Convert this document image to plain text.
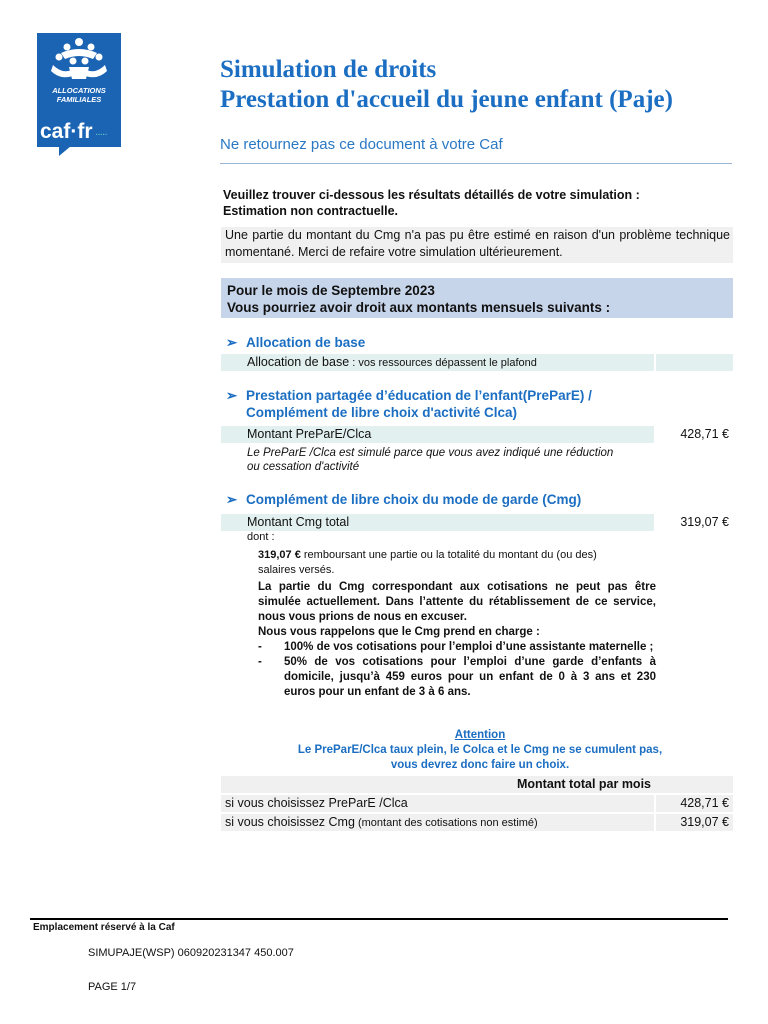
ALLOCATIONS
FAMILIALES
caf·fr ·····
Simulation de droits
Prestation d'accueil du jeune enfant (Paje)
Ne retournez pas ce document à votre Caf
Veuillez trouver ci-dessous les résultats détaillés de votre simulation :
Estimation non contractuelle.
Une partie du montant du Cmg n'a pas pu être estimé en raison d'un problème technique momentané. Merci de refaire votre simulation ultérieurement.
Pour le mois de Septembre 2023
Vous pourriez avoir droit aux montants mensuels suivants :
➢ Allocation de base
Allocation de base : vos ressources dépassent le plafond
➢ Prestation partagée d’éducation de l’enfant(PreParE) /
Complément de libre choix d'activité Clca)
Montant PreParE/Clca	428,71 €
Le PreParE /Clca est simulé parce que vous avez indiqué une réduction
ou cessation d'activité
➢ Complément de libre choix du mode de garde (Cmg)
Montant Cmg total	319,07 €
dont :
319,07 € remboursant une partie ou la totalité du montant du (ou des)
salaires versés.
La partie du Cmg correspondant aux cotisations ne peut pas être simulée actuellement. Dans l’attente du rétablissement de ce service, nous vous prions de nous en excuser.
Nous vous rappelons que le Cmg prend en charge :
-	100% de vos cotisations pour l’emploi d’une assistante maternelle ;
-	50% de vos cotisations pour l’emploi d’une garde d’enfants à domicile, jusqu’à 459 euros pour un enfant de 0 à 3 ans et 230 euros pour un enfant de 3 à 6 ans.
Attention
Le PreParE/Clca taux plein, le Colca et le Cmg ne se cumulent pas,
vous devrez donc faire un choix.
Montant total par mois
si vous choisissez PreParE /Clca	428,71 €
si vous choisissez Cmg (montant des cotisations non estimé)	319,07 €
Emplacement réservé à la Caf
SIMUPAJE(WSP) 060920231347 450.007
PAGE 1/7
